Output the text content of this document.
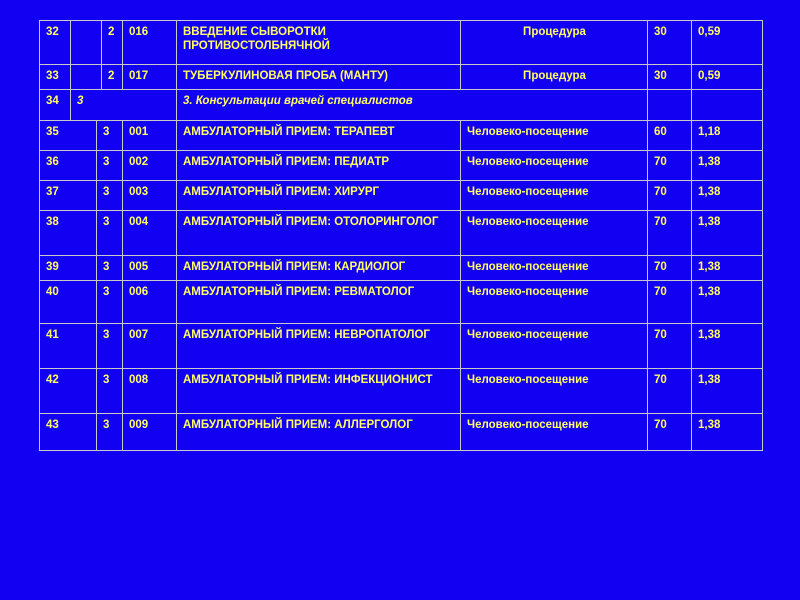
32			2	016	ВВЕДЕНИЕ СЫВОРОТКИ ПРОТИВОСТОЛБНЯЧНОЙ	Процедура	30	0,59
33			2	017	ТУБЕРКУЛИНОВАЯ ПРОБА (МАНТУ)	Процедура	30	0,59
34	3				3. Консультации врачей специалистов			
35		3		001	АМБУЛАТОРНЫЙ ПРИЕМ: ТЕРАПЕВТ	Человеко-посещение	60	1,18
36		3		002	АМБУЛАТОРНЫЙ ПРИЕМ: ПЕДИАТР	Человеко-посещение	70	1,38
37		3		003	АМБУЛАТОРНЫЙ ПРИЕМ: ХИРУРГ	Человеко-посещение	70	1,38
38		3		004	АМБУЛАТОРНЫЙ ПРИЕМ: ОТОЛОРИНГОЛОГ	Человеко-посещение	70	1,38
39		3		005	АМБУЛАТОРНЫЙ ПРИЕМ: КАРДИОЛОГ	Человеко-посещение	70	1,38
40		3		006	АМБУЛАТОРНЫЙ ПРИЕМ: РЕВМАТОЛОГ	Человеко-посещение	70	1,38
41		3		007	АМБУЛАТОРНЫЙ ПРИЕМ: НЕВРОПАТОЛОГ	Человеко-посещение	70	1,38
42		3		008	АМБУЛАТОРНЫЙ ПРИЕМ: ИНФЕКЦИОНИСТ	Человеко-посещение	70	1,38
43		3		009	АМБУЛАТОРНЫЙ ПРИЕМ: АЛЛЕРГОЛОГ	Человеко-посещение	70	1,38
